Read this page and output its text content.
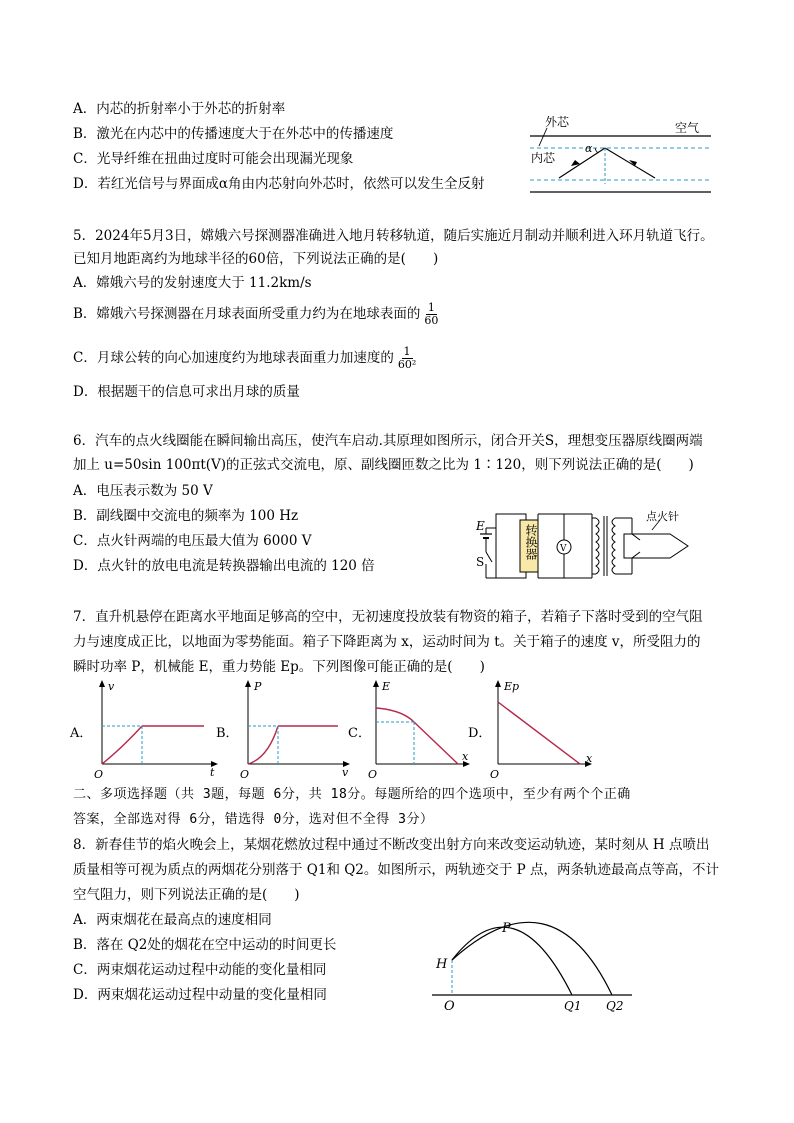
A．内芯的折射率小于外芯的折射率
B．激光在内芯中的传播速度大于在外芯中的传播速度
C．光导纤维在扭曲过度时可能会出现漏光现象
D．若红光信号与界面成α角由内芯射向外芯时，依然可以发生全反射
外芯	空气
内芯
α
5．2024年5月3日，嫦娥六号探测器准确进入地月转移轨道，随后实施近月制动并顺利进入环月轨道飞行。
已知月地距离约为地球半径的60倍，下列说法正确的是(　　)
A．嫦娥六号的发射速度大于 11.2km/s
B．嫦娥六号探测器在月球表面所受重力约为在地球表面的 $\frac{1}{60}$
C．月球公转的向心加速度约为地球表面重力加速度的 $\frac{1}{\text{60²}}$
D．根据题干的信息可求出月球的质量
6．汽车的点火线圈能在瞬间输出高压，使汽车启动.其原理如图所示，闭合开关S，理想变压器原线圈两端
加上 u=50sin 100πt(V)的正弦式交流电，原、副线圈匝数之比为 1∶120，则下列说法正确的是(　　)
A．电压表示数为 50 V
B．副线圈中交流电的频率为 100 Hz
C．点火针两端的电压最大值为 6000 V
D．点火针的放电电流是转换器输出电流的 120 倍
E
S
V
点火针
转换器
7．直升机悬停在距离水平地面足够高的空中，无初速度投放装有物资的箱子，若箱子下落时受到的空气阻
力与速度成正比，以地面为零势能面。箱子下降距离为 x，运动时间为 t。关于箱子的速度 v，所受阻力的
瞬时功率 P，机械能 E，重力势能 Ep。下列图像可能正确的是(　　)
A．
v
t
O
B．
P
v
O
C．
E
x
O
D．
Ep
x
O
二、多项选择题（共 3题，每题 6分，共 18分。每题所给的四个选项中，至少有两个个正确
答案，全部选对得 6分，错选得 0分，选对但不全得 3分）
8．新春佳节的焰火晚会上，某烟花燃放过程中通过不断改变出射方向来改变运动轨迹，某时刻从 H 点喷出
质量相等可视为质点的两烟花分别落于 Q1和 Q2。如图所示，两轨迹交于 P 点，两条轨迹最高点等高，不计
空气阻力，则下列说法正确的是(　　)
A．两束烟花在最高点的速度相同
B．落在 Q2处的烟花在空中运动的时间更长
C．两束烟花运动过程中动能的变化量相同
D．两束烟花运动过程中动量的变化量相同
H
P
O	Q1 Q2
